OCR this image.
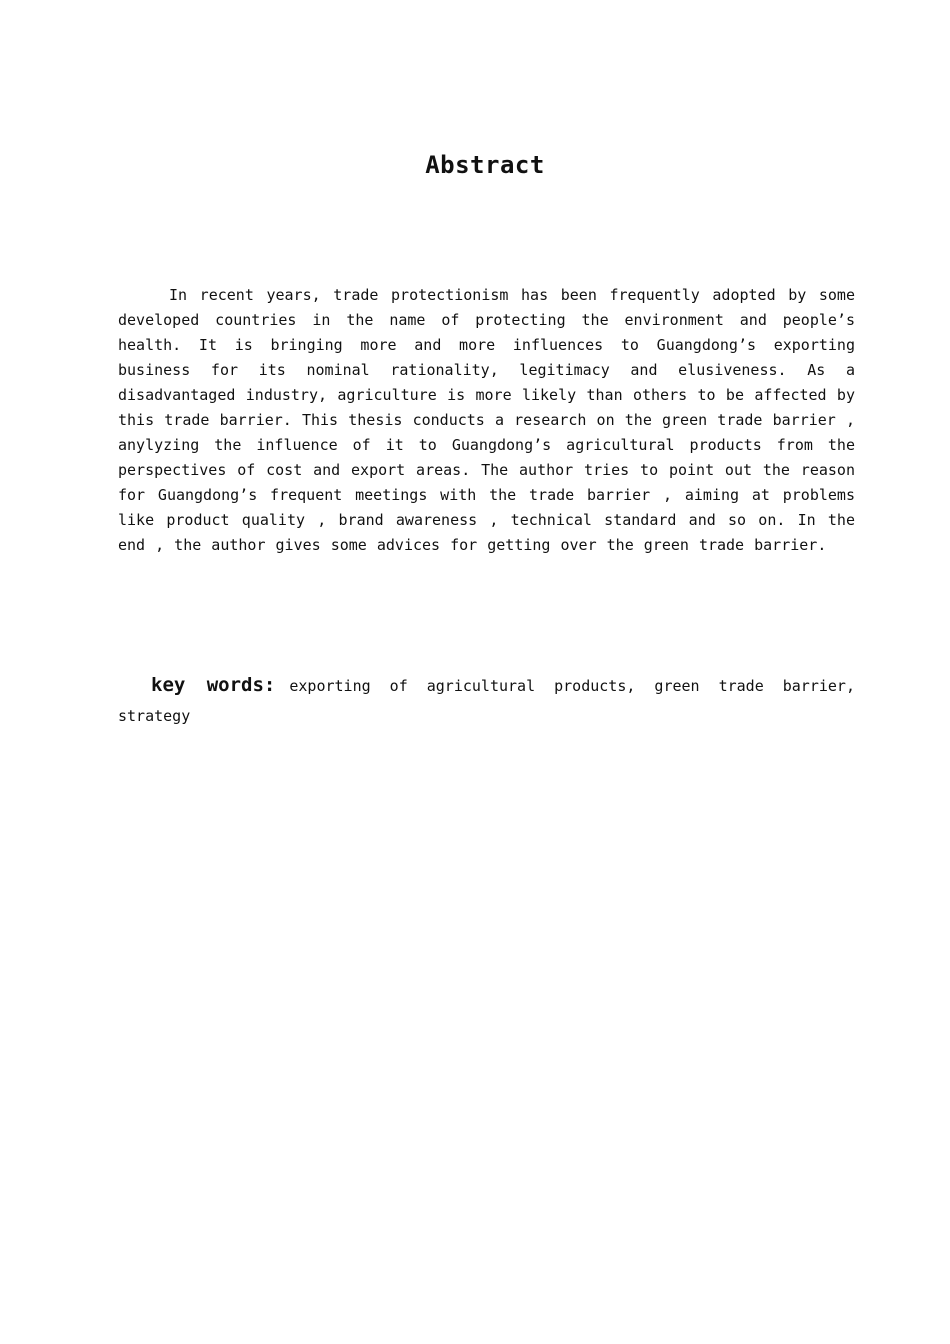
Abstract

In recent years, trade protectionism has been frequently adopted by some developed countries in the name of protecting the environment and people’s health. It is bringing more and more influences to Guangdong’s exporting business for its nominal rationality, legitimacy and elusiveness. As a disadvantaged industry, agriculture is more likely than others to be affected by this trade barrier. This thesis conducts a research on the green trade barrier , anylyzing the influence of it to Guangdong’s agricultural products from the perspectives of cost and export areas. The author tries to point out the reason for Guangdong’s frequent meetings with the trade barrier , aiming at problems like product quality , brand awareness , technical standard and so on. In the end , the author gives some advices for getting over the green trade barrier.

key words: exporting of agricultural products, green trade barrier, strategy
